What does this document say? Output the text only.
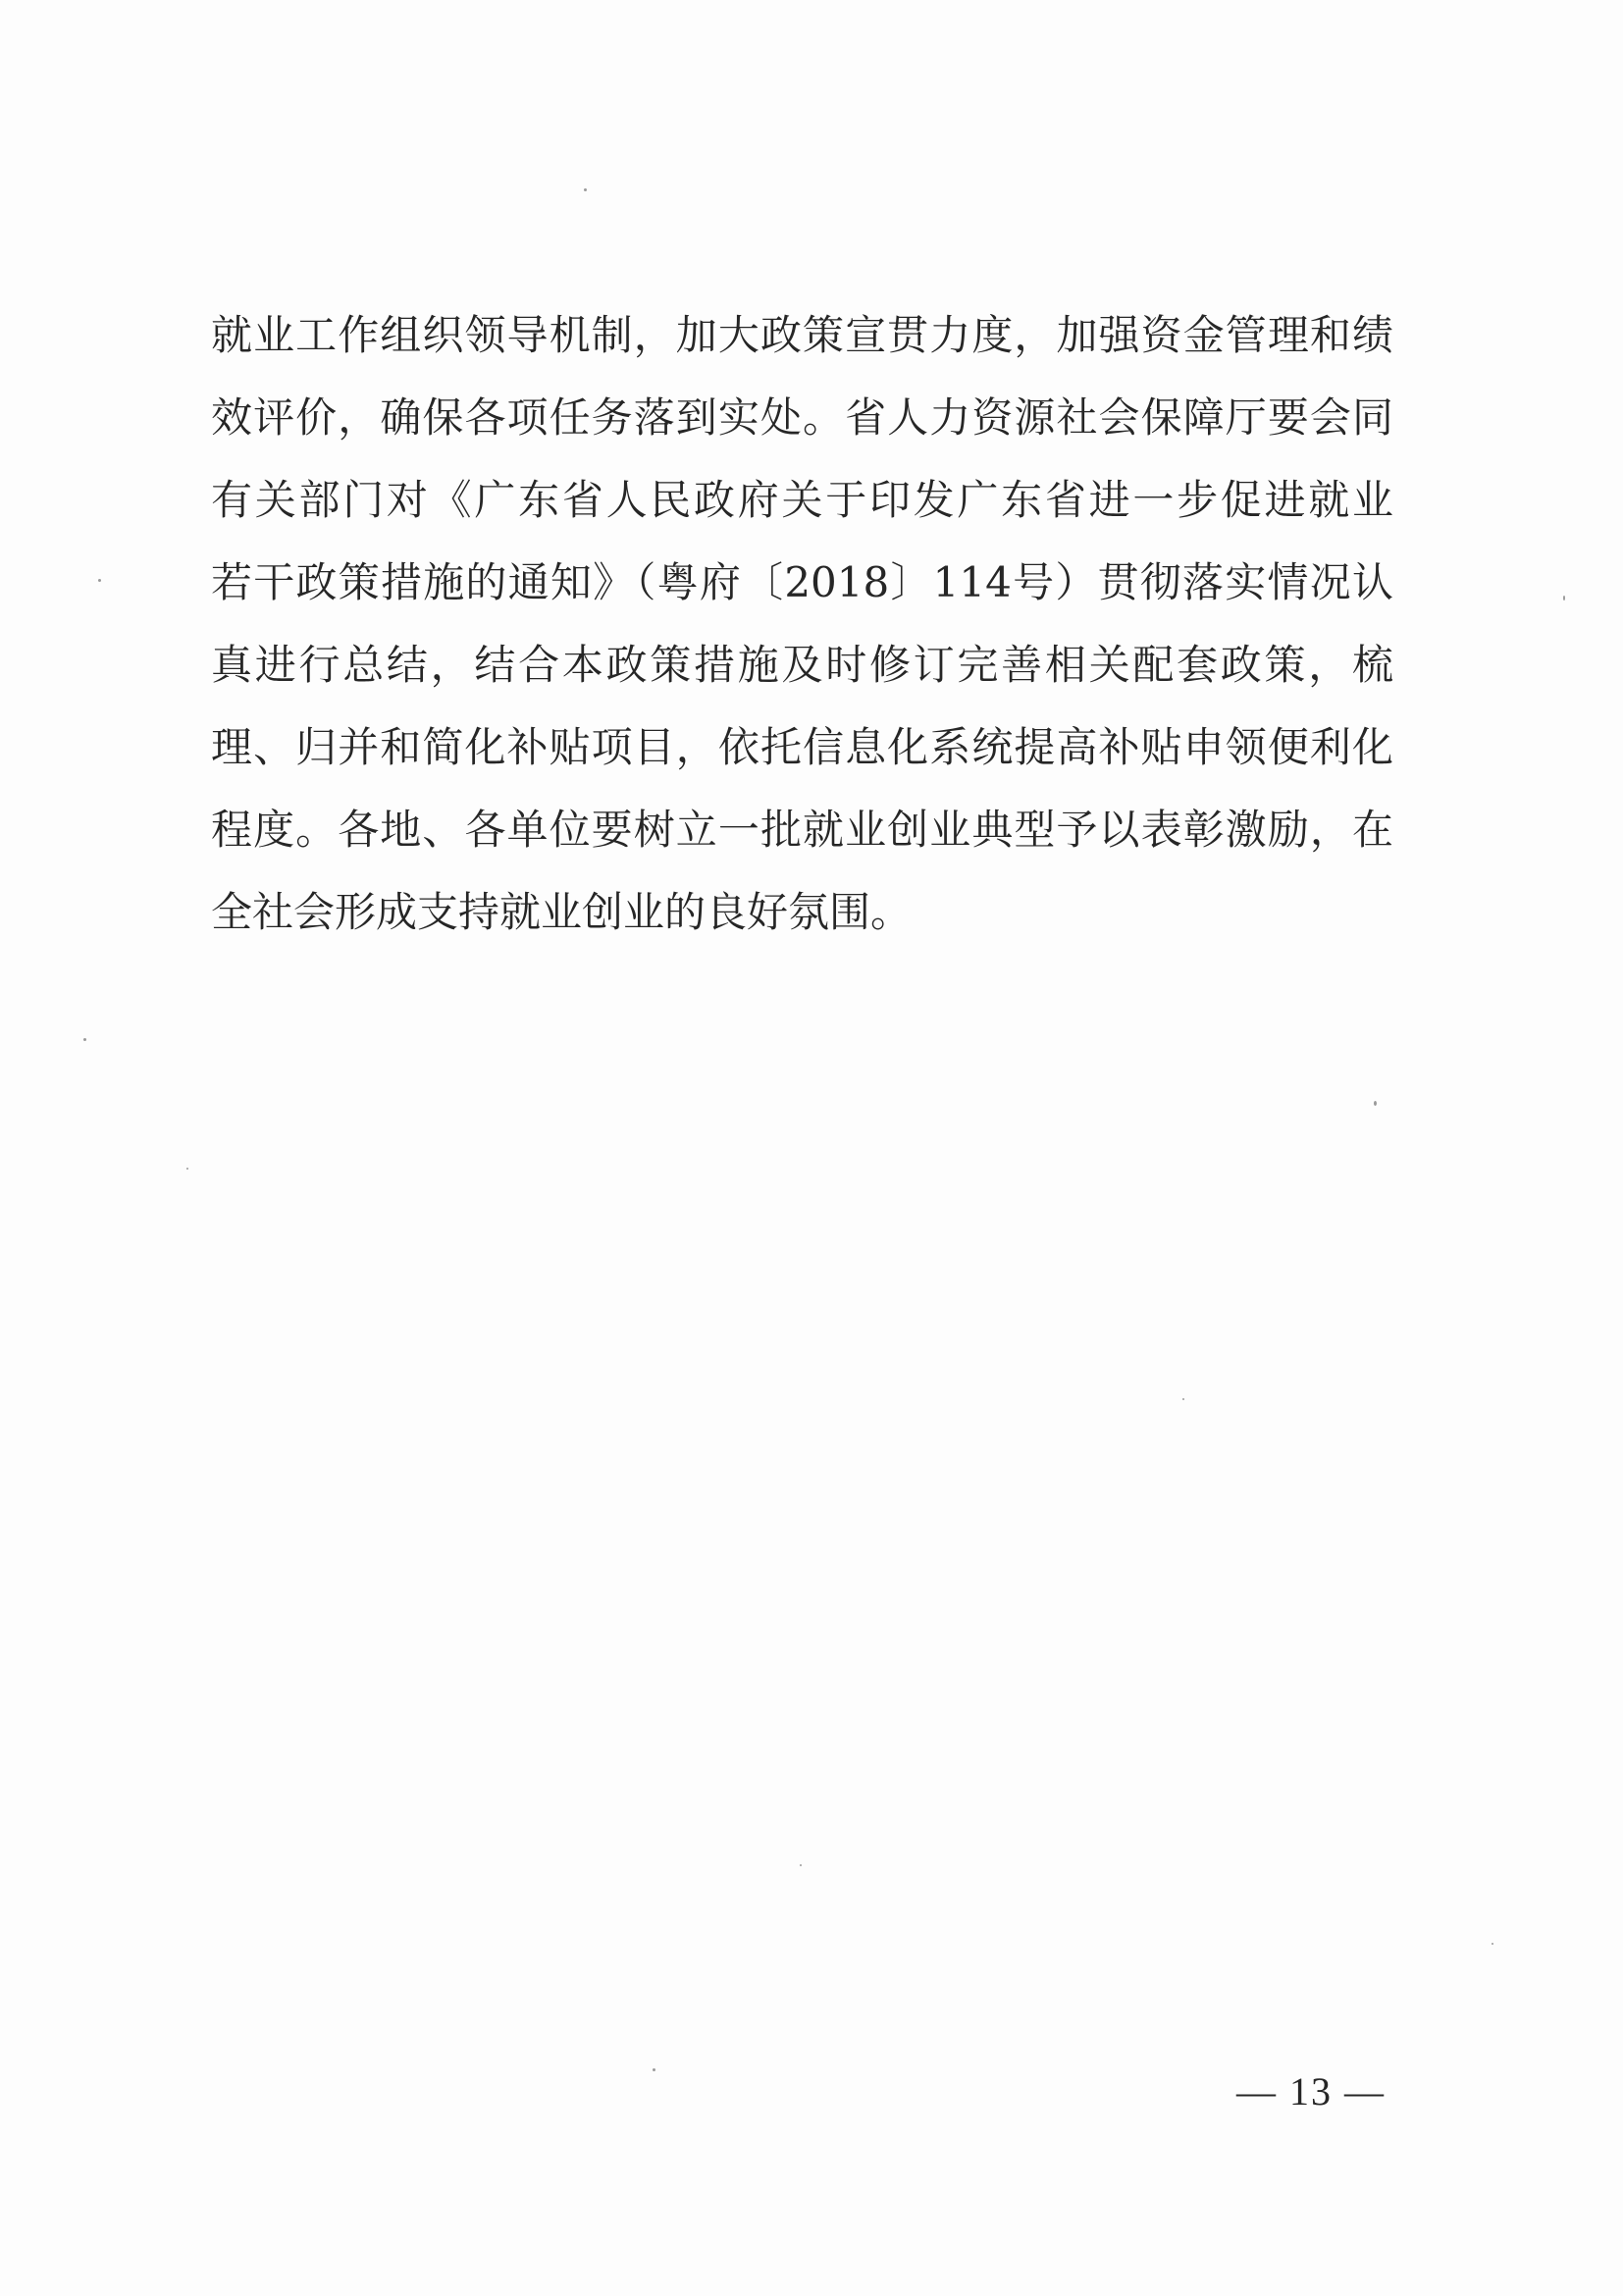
就业工作组织领导机制，加大政策宣贯力度，加强资金管理和绩
效评价，确保各项任务落到实处。省人力资源社会保障厅要会同
有关部门对《广东省人民政府关于印发广东省进一步促进就业
若干政策措施的通知》（粤府〔2018〕114号）贯彻落实情况认
真进行总结，结合本政策措施及时修订完善相关配套政策，梳
理、归并和简化补贴项目，依托信息化系统提高补贴申领便利化
程度。各地、各单位要树立一批就业创业典型予以表彰激励，在
全社会形成支持就业创业的良好氛围。
— 13 —
